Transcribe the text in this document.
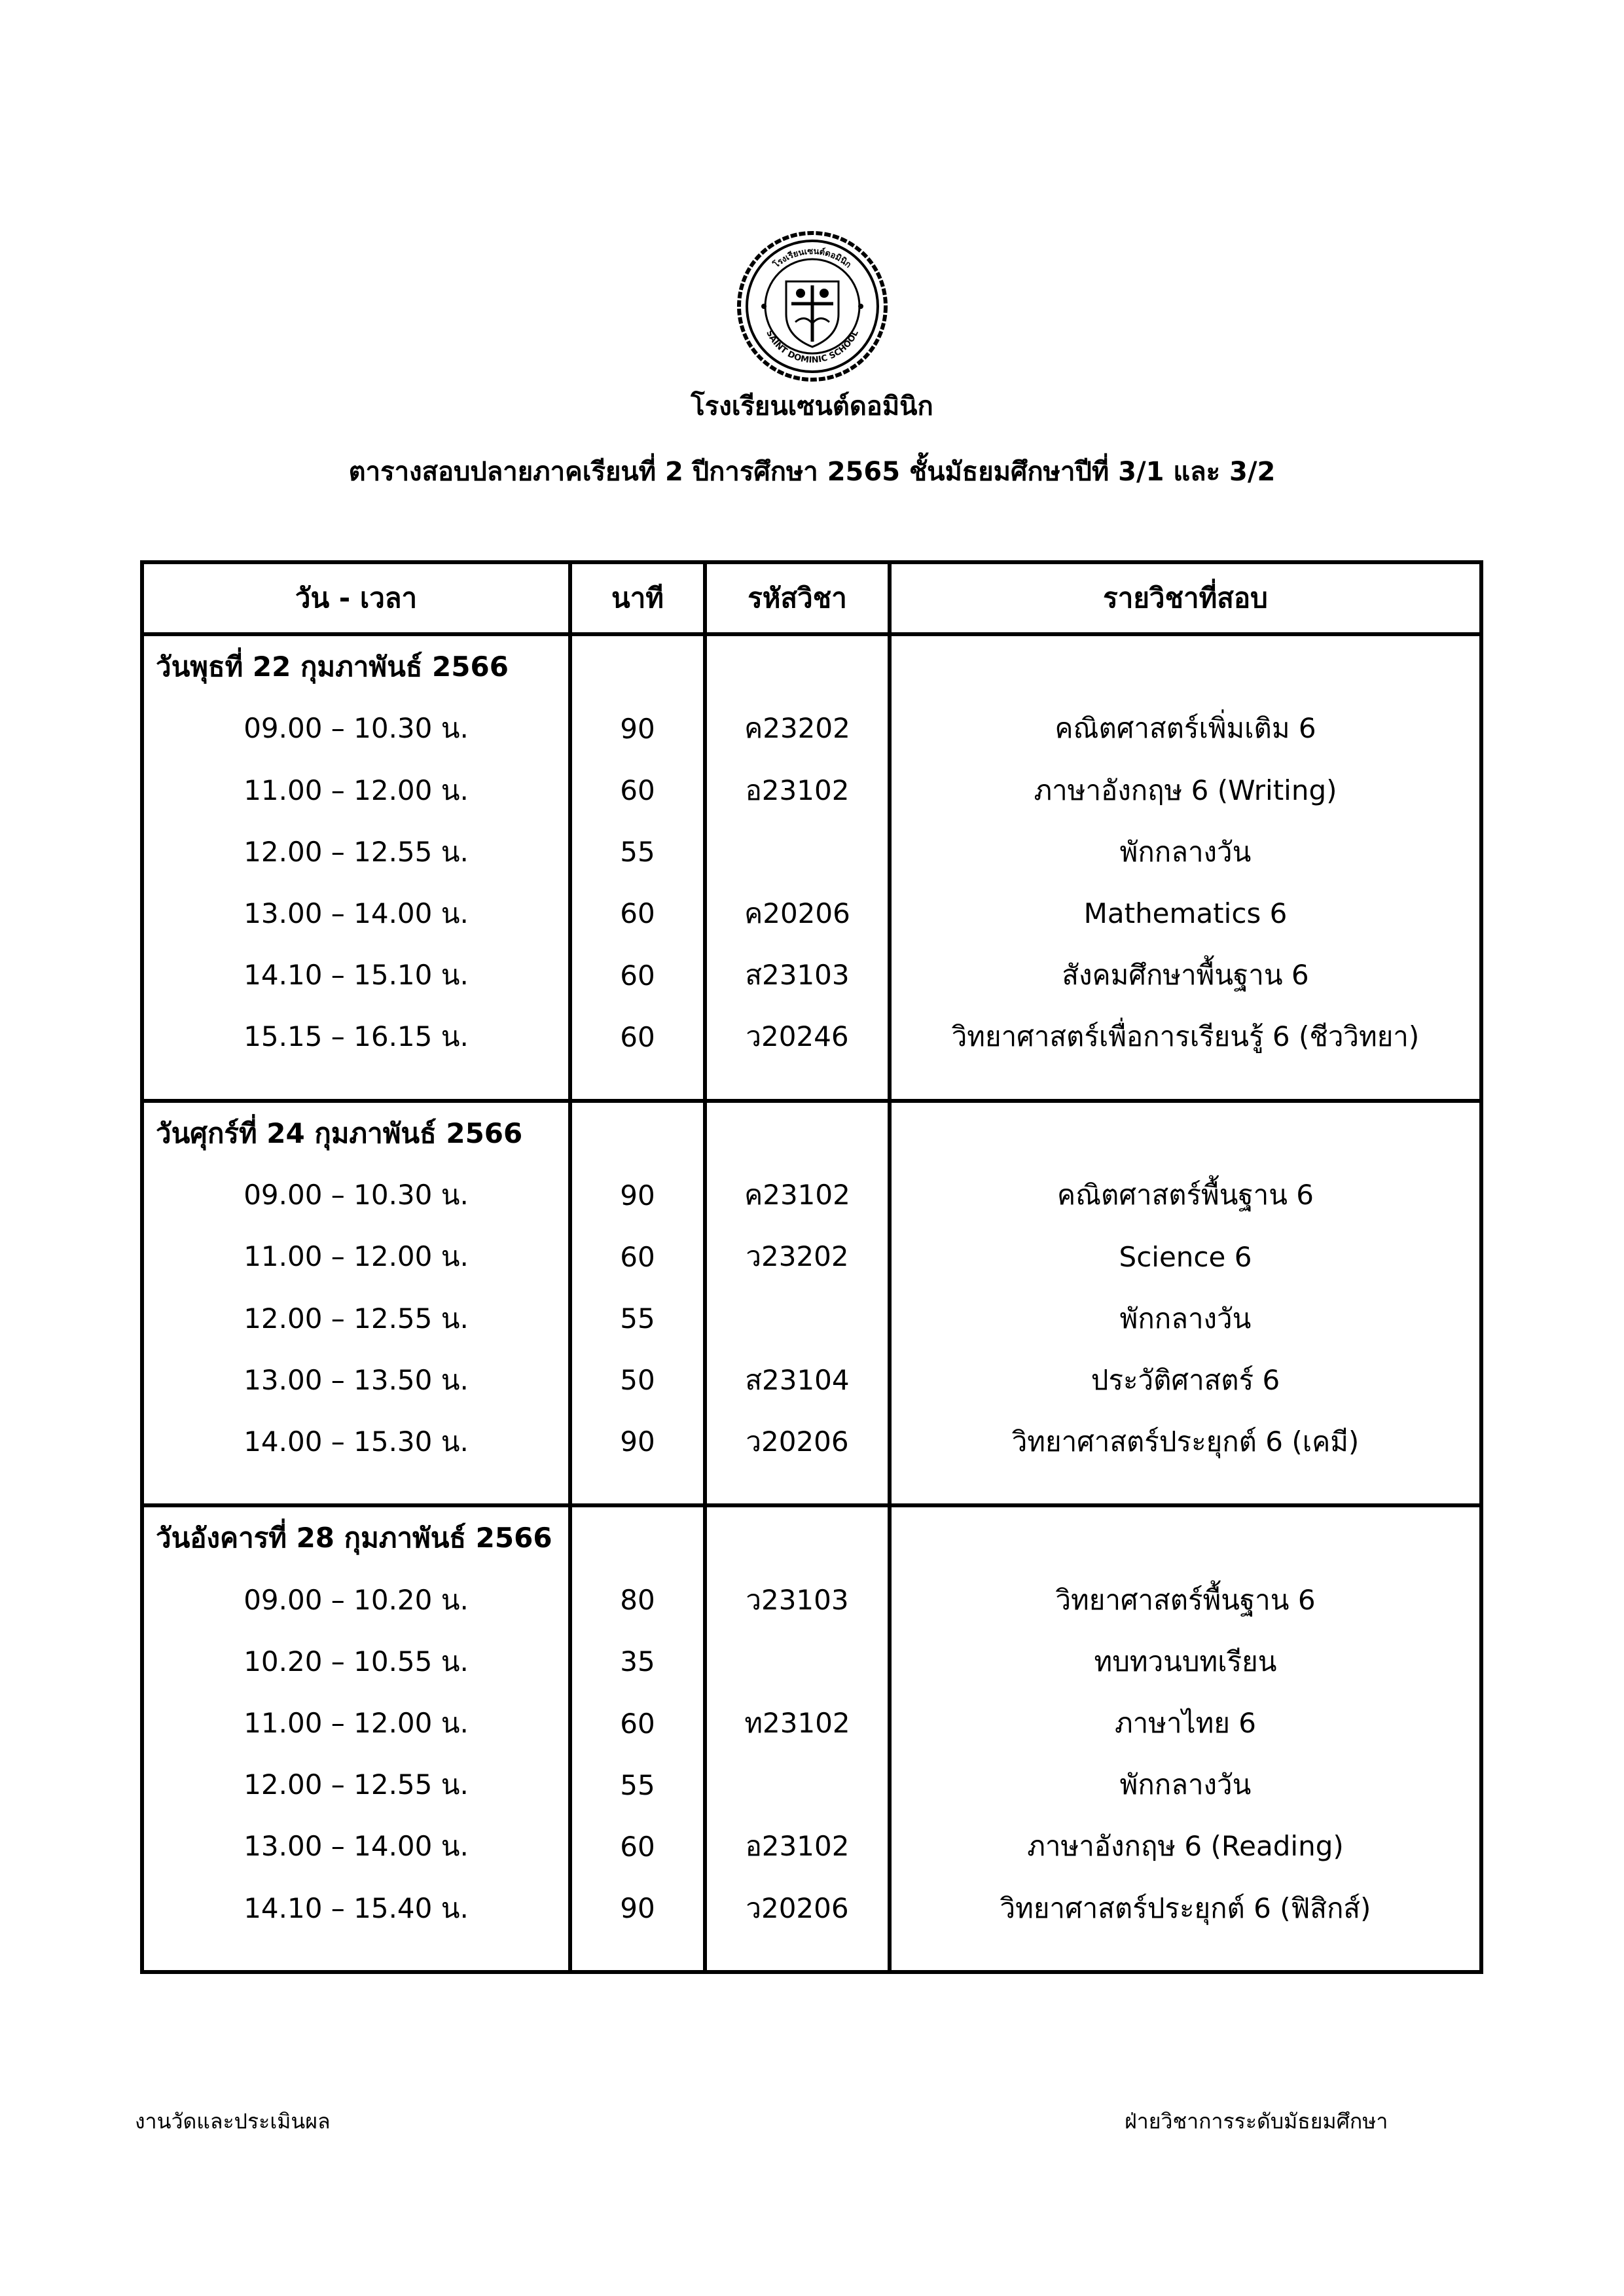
โรงเรียนเซนต์ดอมินิก
SAINT DOMINIC SCHOOL
โรงเรียนเซนต์ดอมินิก
ตารางสอบปลายภาคเรียนที่ 2 ปีการศึกษา 2565 ชั้นมัธยมศึกษาปีที่ 3/1 และ 3/2
วัน - เวลา	นาที	รหัสวิชา	รายวิชาที่สอบ
วันพุธที่ 22 กุมภาพันธ์ 2566			
09.00 – 10.30 น.	90	ค23202	คณิตศาสตร์เพิ่มเติม 6
11.00 – 12.00 น.	60	อ23102	ภาษาอังกฤษ 6 (Writing)
12.00 – 12.55 น.	55		พักกลางวัน
13.00 – 14.00 น.	60	ค20206	Mathematics 6
14.10 – 15.10 น.	60	ส23103	สังคมศึกษาพื้นฐาน 6
15.15 – 16.15 น.	60	ว20246	วิทยาศาสตร์เพื่อการเรียนรู้ 6 (ชีววิทยา)

วันศุกร์ที่ 24 กุมภาพันธ์ 2566			
09.00 – 10.30 น.	90	ค23102	คณิตศาสตร์พื้นฐาน 6
11.00 – 12.00 น.	60	ว23202	Science 6
12.00 – 12.55 น.	55		พักกลางวัน
13.00 – 13.50 น.	50	ส23104	ประวัติศาสตร์ 6
14.00 – 15.30 น.	90	ว20206	วิทยาศาสตร์ประยุกต์ 6 (เคมี)

วันอังคารที่ 28 กุมภาพันธ์ 2566			
09.00 – 10.20 น.	80	ว23103	วิทยาศาสตร์พื้นฐาน 6
10.20 – 10.55 น.	35		ทบทวนบทเรียน
11.00 – 12.00 น.	60	ท23102	ภาษาไทย 6
12.00 – 12.55 น.	55		พักกลางวัน
13.00 – 14.00 น.	60	อ23102	ภาษาอังกฤษ 6 (Reading)
14.10 – 15.40 น.	90	ว20206	วิทยาศาสตร์ประยุกต์ 6 (ฟิสิกส์)

งานวัดและประเมินผล	ฝ่ายวิชาการระดับมัธยมศึกษา
